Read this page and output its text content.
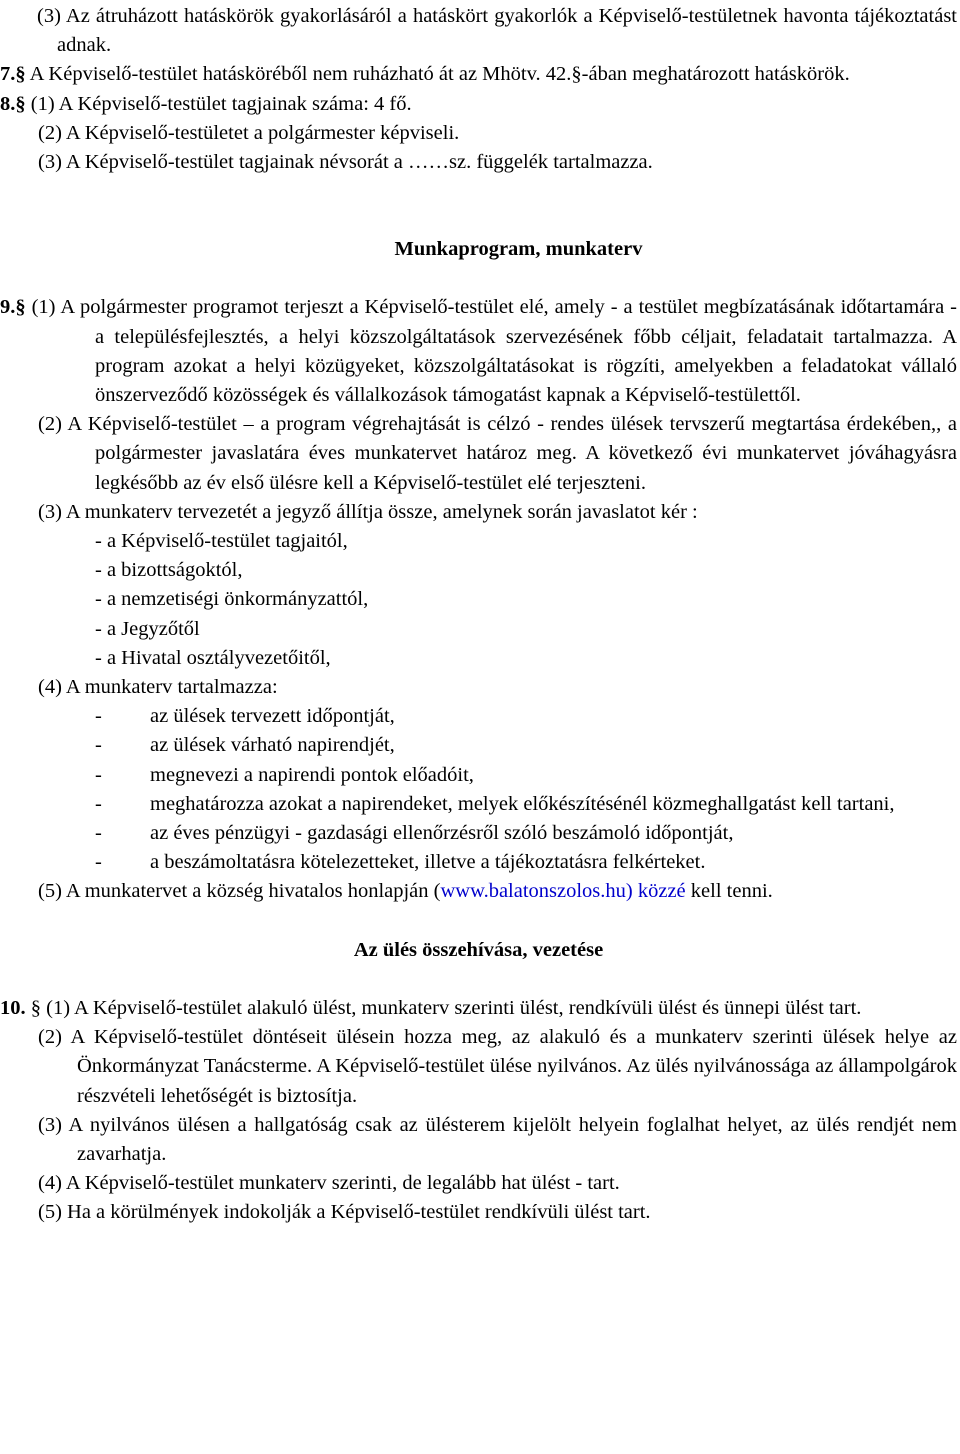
(3) Az átruházott hatáskörök gyakorlásáról a hatáskört gyakorlók a Képviselő-testületnek havonta tájékoztatást adnak.

7.§ A Képviselő-testület hatásköréből nem ruházható át az Mhötv. 42.§-ában meghatározott hatáskörök.

8.§ (1) A Képviselő-testület tagjainak száma: 4 fő.

(2) A Képviselő-testületet a polgármester képviseli.

(3) A Képviselő-testület tagjainak névsorát a ……sz. függelék tartalmazza.

Munkaprogram, munkaterv

9.§ (1) A polgármester programot terjeszt a Képviselő-testület elé, amely - a testület megbízatásának időtartamára - a településfejlesztés, a helyi közszolgáltatások szervezésének főbb céljait, feladatait tartalmazza. A program azokat a helyi közügyeket, közszolgáltatásokat is rögzíti, amelyekben a feladatokat vállaló önszerveződő közösségek és vállalkozások támogatást kapnak a Képviselő-testülettől.

(2) A Képviselő-testület – a program végrehajtását is célzó - rendes ülések tervszerű megtartása érdekében,, a polgármester javaslatára éves munkatervet határoz meg. A következő évi munkatervet jóváhagyásra legkésőbb az év első ülésre kell a Képviselő-testület elé terjeszteni.

(3) A munkaterv tervezetét a jegyző állítja össze, amelynek során javaslatot kér :

- a Képviselő-testület tagjaitól,
- a bizottságoktól,
- a nemzetiségi önkormányzattól,
- a Jegyzőtől
- a Hivatal osztályvezetőitől,

(4) A munkaterv tartalmazza:

-	az ülések tervezett időpontját,
-	az ülések várható napirendjét,
-	megnevezi a napirendi pontok előadóit,
- meghatározza azokat a napirendeket, melyek előkészítésénél közmeghallgatást kell tartani,
-	az éves pénzügyi - gazdasági ellenőrzésről szóló beszámoló időpontját,
-	a beszámoltatásra kötelezetteket, illetve a tájékoztatásra felkérteket.

(5) A munkatervet a község hivatalos honlapján (www.balatonszolos.hu) közzé kell tenni.

Az ülés összehívása, vezetése

10. § (1) A Képviselő-testület alakuló ülést, munkaterv szerinti ülést, rendkívüli ülést és ünnepi ülést tart.

(2) A Képviselő-testület döntéseit ülésein hozza meg, az alakuló és a munkaterv szerinti ülések helye az Önkormányzat Tanácsterme. A Képviselő-testület ülése nyilvános. Az ülés nyilvánossága az állampolgárok részvételi lehetőségét is biztosítja.

(3) A nyilvános ülésen a hallgatóság csak az ülésterem kijelölt helyein foglalhat helyet, az ülés rendjét nem zavarhatja.

(4) A Képviselő-testület munkaterv szerinti, de legalább hat ülést - tart.

(5) Ha a körülmények indokolják a Képviselő-testület rendkívüli ülést tart.
